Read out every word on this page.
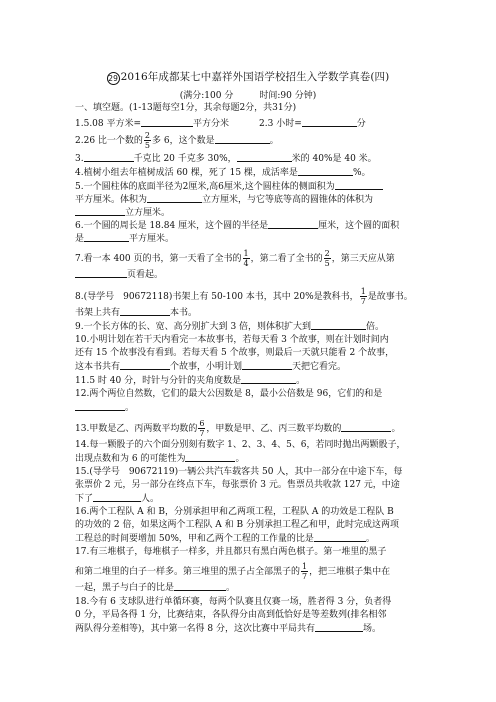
29 2016年成都某七中嘉祥外国语学校招生入学数学真卷(四)
(满分:100 分	时间:90 分钟)
一、填空题。(1-13题每空1分，其余每题2分，共31分)
1.5.08 平方米=	平方分米	2.3 小时=	分
2.26 比一个数的 $\frac{2}{5}$ 多 6，这个数是	。
3.	千克比 20 千克多 30%，	米的 40%是 40 米。
4.植树小组去年植树成活 60 棵，死了 15 棵，成活率是	%。
5.一个圆柱体的底面半径为2厘米,高6厘米,这个圆柱体的侧面积为
平方厘米。体积为	立方厘米，与它等底等高的圆锥体的体积为
立方厘米。
6.一个圆的周长是 18.84 厘米，这个圆的半径是	厘米，这个圆的面积
是	平方厘米。
7.看一本 400 页的书，第一天看了全书的 $\frac{1}{4}$ ，第二看了全书的 $\frac{2}{5}$ ，第三天应从第
页看起。
8.(导学号　90672118)书架上有 50-100 本书，其中 20%是教科书， $\frac{1}{7}$ 是故事书。
书架上共有	本书。
9.一个长方体的长、宽、高分别扩大到 3 倍，则体积扩大到	倍。
10.小明计划在若干天内看完一本故事书，若每天看 3 个故事，则在计划时间内
还有 15 个故事没有看到。若每天看 5 个故事，则最后一天就只能看 2 个故事，
这本书共有	个故事，小明计划	天把它看完。
11.5 时 40 分，时针与分针的夹角度数是	。
12.两个两位自然数，它们的最大公因数是 8，最小公倍数是 96，它们的和是
。
13.甲数是乙、丙两数平均数的 $\frac{6}{7}$ ，甲数是甲、乙、丙三数平均数的	。
14.每一颗骰子的六个面分别刻有数字 1、2、3、4、5、6，若同时抛出两颗骰子，
出现点数和为 6 的可能性为	。
15.(导学号　90672119)一辆公共汽车载客共 50 人，其中一部分在中途下车，每
张票价 2 元，另一部分在终点下车，每张票价 3 元。售票员共收款 127 元，中途
下了	人。
16.两个工程队 A 和 B，分别承担甲和乙两项工程，工程队 A 的功效是工程队 B
的功效的 2 倍，如果这两个工程队 A 和 B 分别承担工程乙和甲，此时完成这两项
工程总的时间要增加 50%，甲和乙两个工程的工作量的比是	。
17.有三堆棋子，每堆棋子一样多，并且都只有黑白两色棋子。第一堆里的黑子
和第二堆里的白子一样多。第三堆里的黑子占全部黑子的 $\frac{1}{7}$ ，把三堆棋子集中在
一起，黑子与白子的比是	。
18.今有 6 支球队进行单循环赛，每两个队赛且仅赛一场，胜者得 3 分，负者得
0 分，平局各得 1 分，比赛结束，各队得分由高到低恰好是等差数列(排名相邻
两队得分差相等)，其中第一名得 8 分，这次比赛中平局共有	场。
